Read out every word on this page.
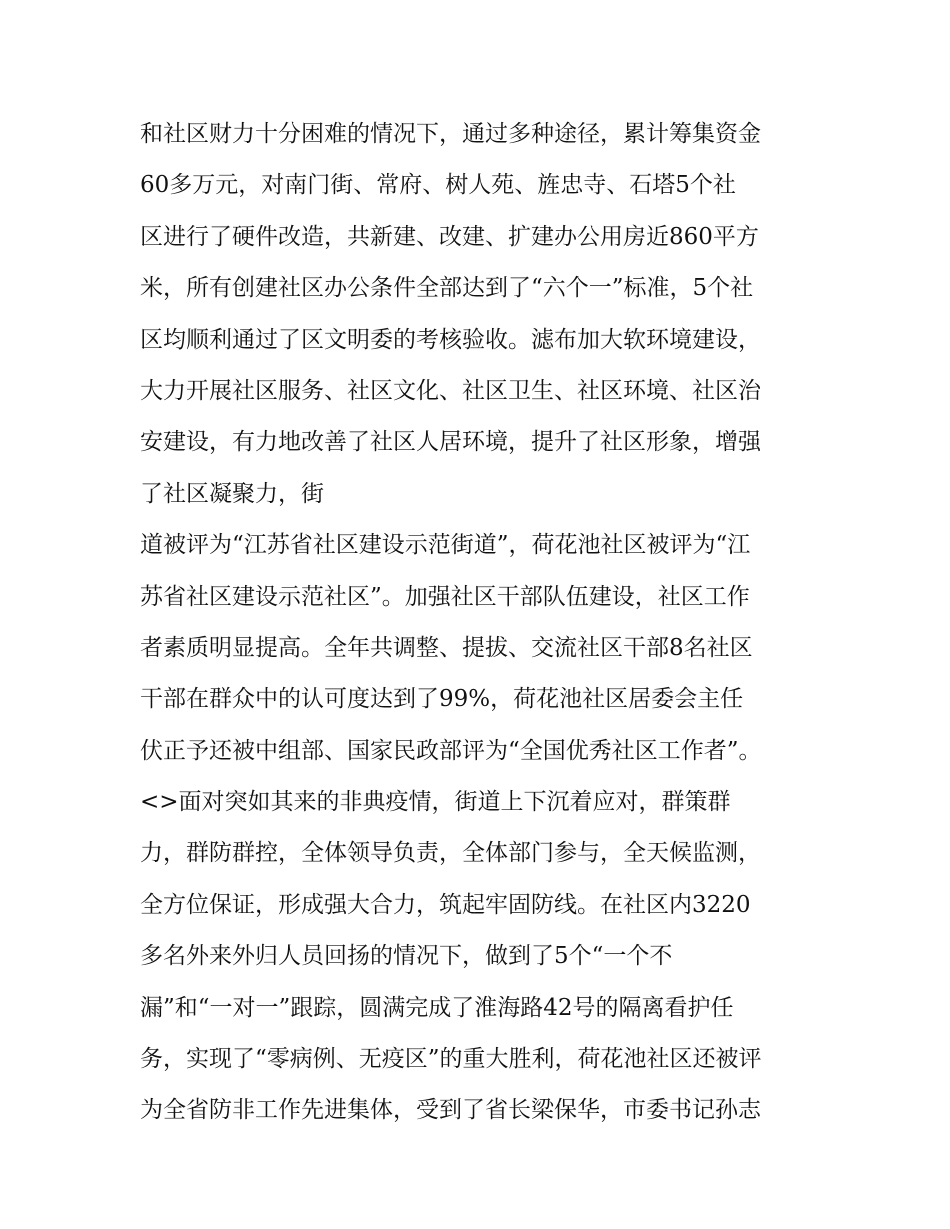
和社区财力十分困难的情况下，通过多种途径，累计筹集资金
60多万元，对南门街、常府、树人苑、旌忠寺、石塔5个社
区进行了硬件改造，共新建、改建、扩建办公用房近860平方
米，所有创建社区办公条件全部达到了“六个一”标准，5个社
区均顺利通过了区文明委的考核验收。滤布加大软环境建设，
大力开展社区服务、社区文化、社区卫生、社区环境、社区治
安建设，有力地改善了社区人居环境，提升了社区形象，增强
了社区凝聚力，街
道被评为“江苏省社区建设示范街道”，荷花池社区被评为“江
苏省社区建设示范社区”。加强社区干部队伍建设，社区工作
者素质明显提高。全年共调整、提拔、交流社区干部8名社区
干部在群众中的认可度达到了99%，荷花池社区居委会主任
伏正予还被中组部、国家民政部评为“全国优秀社区工作者”。
<>面对突如其来的非典疫情，街道上下沉着应对，群策群
力，群防群控，全体领导负责，全体部门参与，全天候监测，
全方位保证，形成强大合力，筑起牢固防线。在社区内3220
多名外来外归人员回扬的情况下，做到了5个“一个不
漏”和“一对一”跟踪，圆满完成了淮海路42号的隔离看护任
务，实现了“零病例、无疫区”的重大胜利，荷花池社区还被评
为全省防非工作先进集体，受到了省长梁保华，市委书记孙志
